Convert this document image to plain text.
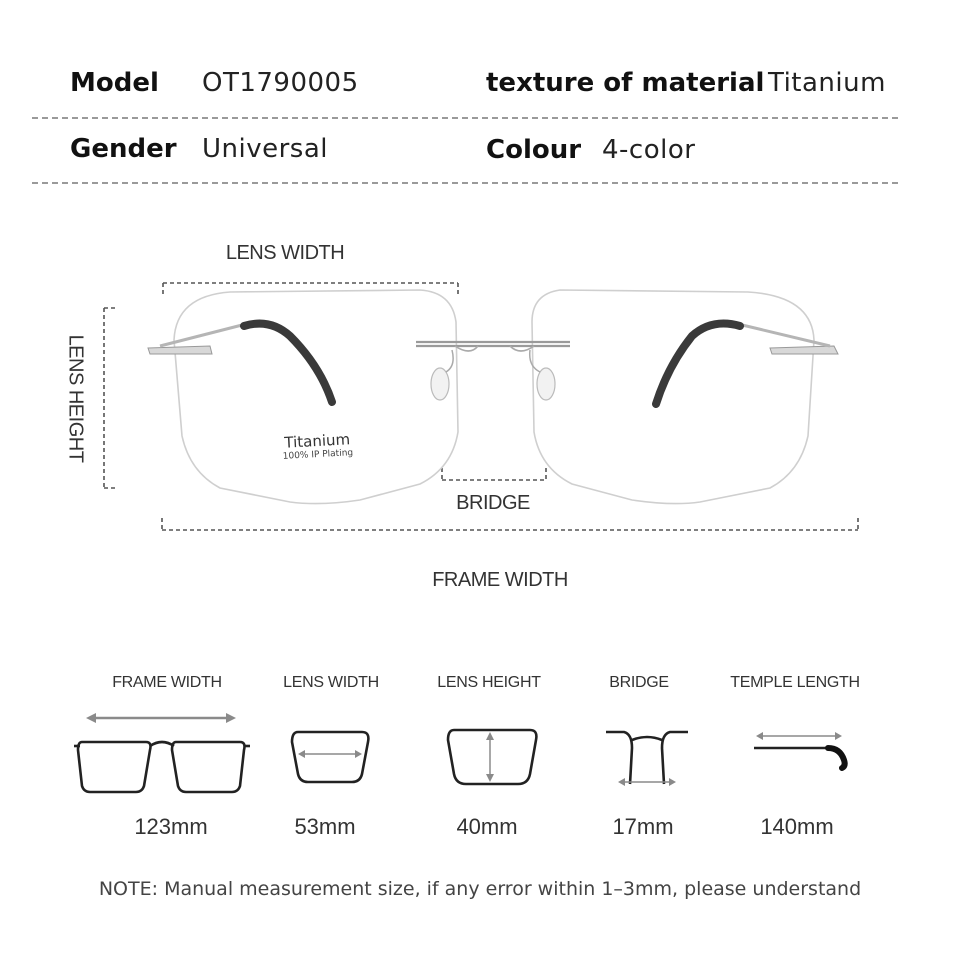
Model OT1790005	texture of material Titanium
Gender Universal	Colour 4-color
LENS WIDTH
Titanium
100% IP Plating
LENS HEIGHT
BRIDGE
FRAME WIDTH
FRAME WIDTH	LENS WIDTH	LENS HEIGHT	BRIDGE	TEMPLE LENGTH
123mm	53mm	40mm	17mm	140mm
NOTE: Manual measurement size, if any error within 1–3mm, please understand
